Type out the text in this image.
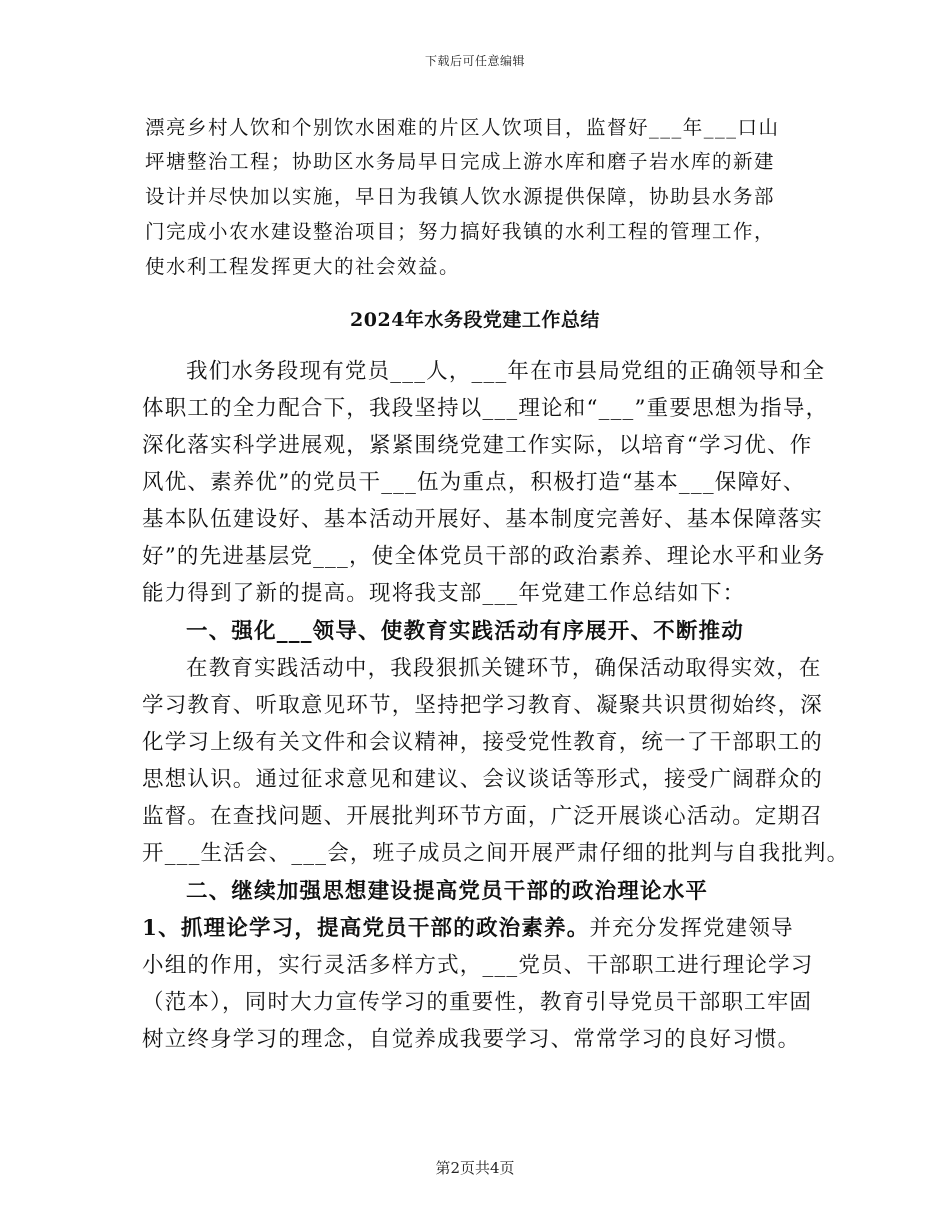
下载后可任意编辑
漂亮乡村人饮和个别饮水困难的片区人饮项目，监督好___年___口山
坪塘整治工程；协助区水务局早日完成上游水库和磨子岩水库的新建
设计并尽快加以实施，早日为我镇人饮水源提供保障，协助县水务部
门完成小农水建设整治项目；努力搞好我镇的水利工程的管理工作，
使水利工程发挥更大的社会效益。
2024年水务段党建工作总结
我们水务段现有党员___人，___年在市县局党组的正确领导和全
体职工的全力配合下，我段坚持以___理论和“___”重要思想为指导，
深化落实科学进展观，紧紧围绕党建工作实际，以培育“学习优、作
风优、素养优”的党员干___伍为重点，积极打造“基本___保障好、
基本队伍建设好、基本活动开展好、基本制度完善好、基本保障落实
好”的先进基层党___，使全体党员干部的政治素养、理论水平和业务
能力得到了新的提高。现将我支部___年党建工作总结如下：
一、强化___领导、使教育实践活动有序展开、不断推动
在教育实践活动中，我段狠抓关键环节，确保活动取得实效，在
学习教育、听取意见环节，坚持把学习教育、凝聚共识贯彻始终，深
化学习上级有关文件和会议精神，接受党性教育，统一了干部职工的
思想认识。通过征求意见和建议、会议谈话等形式，接受广阔群众的
监督。在查找问题、开展批判环节方面，广泛开展谈心活动。定期召
开___生活会、___会，班子成员之间开展严肃仔细的批判与自我批判。
二、继续加强思想建设提高党员干部的政治理论水平
1、抓理论学习，提高党员干部的政治素养。并充分发挥党建领导
小组的作用，实行灵活多样方式，___党员、干部职工进行理论学习
（范本），同时大力宣传学习的重要性，教育引导党员干部职工牢固
树立终身学习的理念，自觉养成我要学习、常常学习的良好习惯。
第2页共4页
